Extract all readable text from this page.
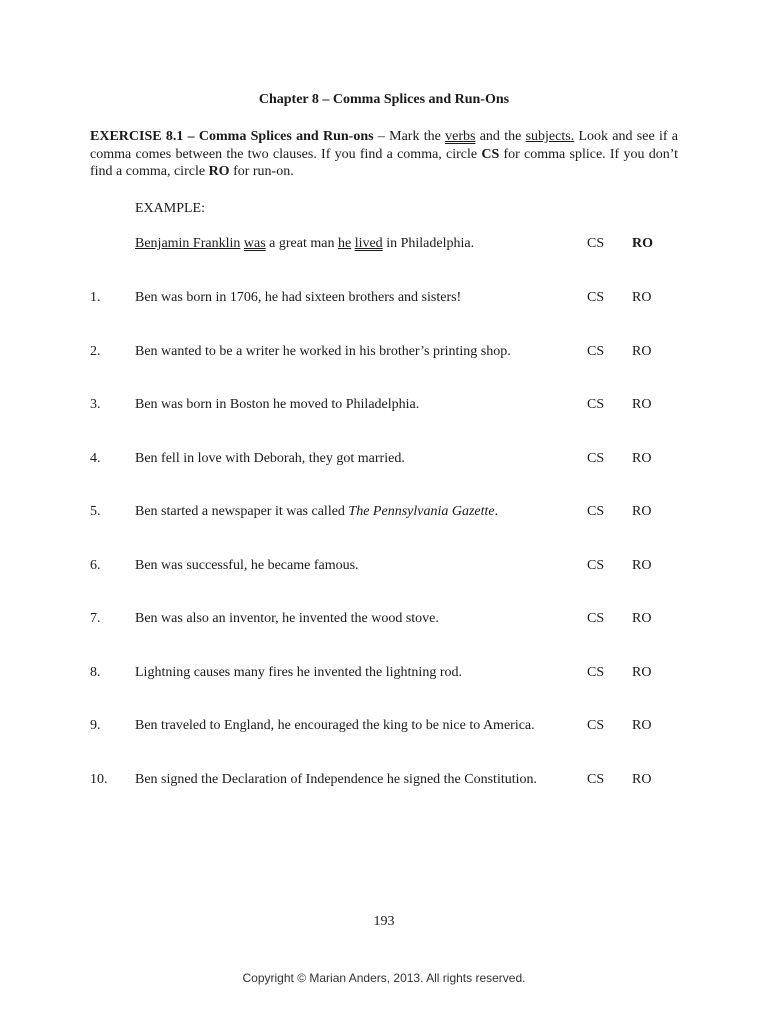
Chapter 8 – Comma Splices and Run-Ons
EXERCISE 8.1 – Comma Splices and Run-ons – Mark the verbs and the subjects. Look and see if a comma comes between the two clauses. If you find a comma, circle CS for comma splice. If you don’t find a comma, circle RO for run-on.
EXAMPLE:
Benjamin Franklin was a great man he lived in Philadelphia.	CS RO
1. Ben was born in 1706, he had sixteen brothers and sisters!	CS RO
2. Ben wanted to be a writer he worked in his brother’s printing shop.	CS RO
3. Ben was born in Boston he moved to Philadelphia.	CS RO
4. Ben fell in love with Deborah, they got married.	CS RO
5. Ben started a newspaper it was called The Pennsylvania Gazette.	CS RO
6. Ben was successful, he became famous.	CS RO
7. Ben was also an inventor, he invented the wood stove.	CS RO
8. Lightning causes many fires he invented the lightning rod.	CS RO
9. Ben traveled to England, he encouraged the king to be nice to America.	CS RO
10. Ben signed the Declaration of Independence he signed the Constitution.	CS RO
193
Copyright © Marian Anders, 2013. All rights reserved.
